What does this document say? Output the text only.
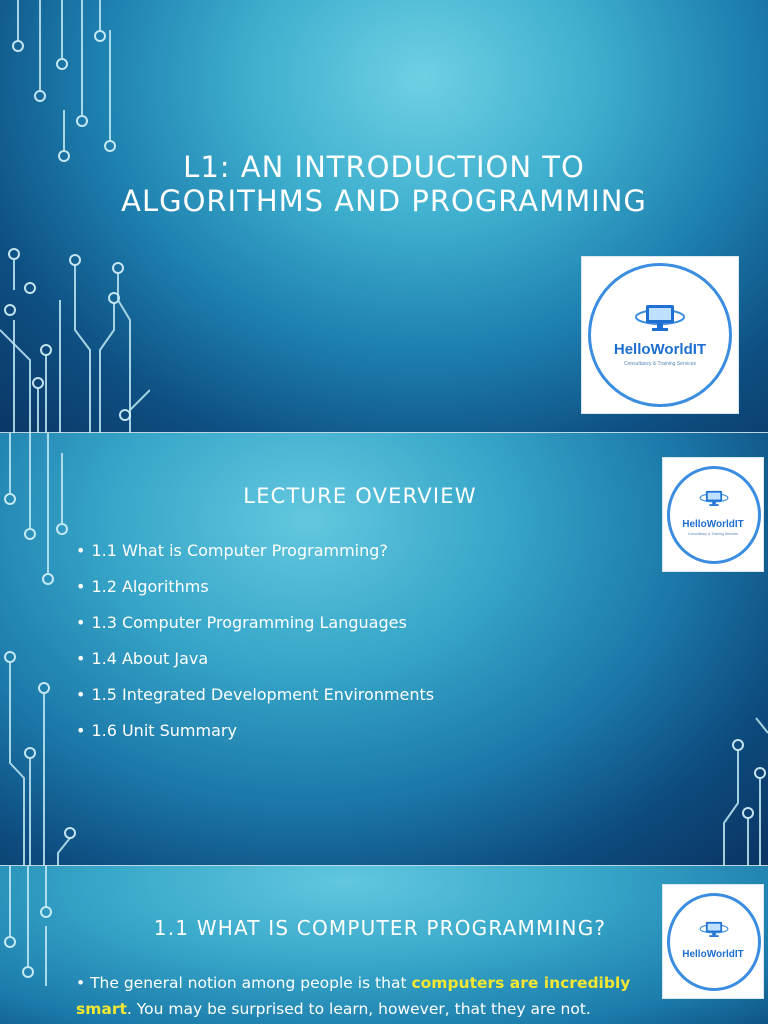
L1: AN INTRODUCTION TO
ALGORITHMS AND PROGRAMMING
HelloWorldIT
Consultancy & Training Services
HelloWorldIT
Consultancy & Training Services
LECTURE OVERVIEW
• 1.1 What is Computer Programming?
• 1.2 Algorithms
• 1.3 Computer Programming Languages
• 1.4 About Java
• 1.5 Integrated Development Environments
• 1.6 Unit Summary
HelloWorldIT
1.1 WHAT IS COMPUTER PROGRAMMING?

• The general notion among people is that computers are incredibly
smart. You may be surprised to learn, however, that they are not.
